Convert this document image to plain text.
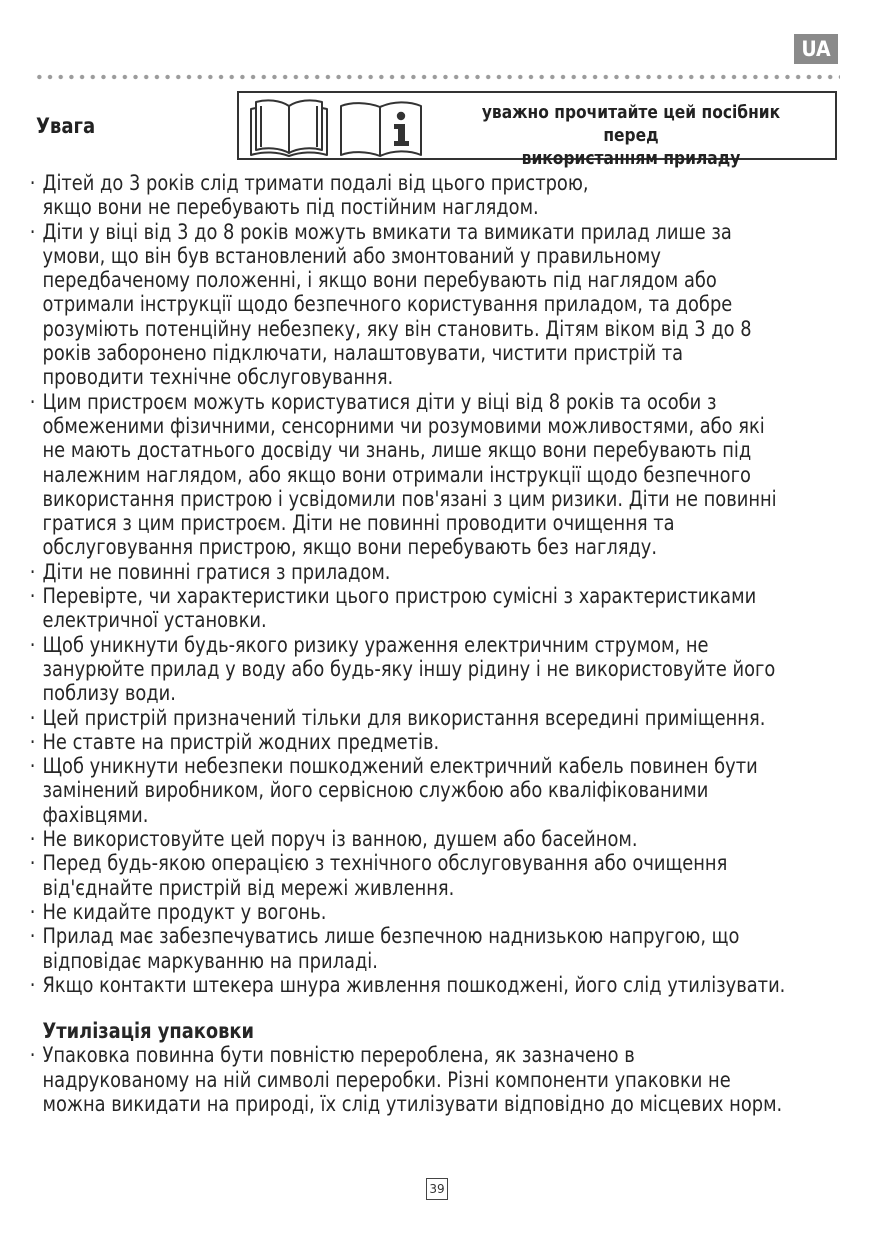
UA
Увага
уважно прочитайте цей посібник перед
використанням приладу
· Дітей до 3 років слід тримати подалі від цього пристрою,
якщо вони не перебувають під постійним наглядом.
· Діти у віці від 3 до 8 років можуть вмикати та вимикати прилад лише за
умови, що він був встановлений або змонтований у правильному
передбаченому положенні, і якщо вони перебувають під наглядом або
отримали інструкції щодо безпечного користування приладом, та добре
розуміють потенційну небезпеку, яку він становить. Дітям віком від 3 до 8
років заборонено підключати, налаштовувати, чистити пристрій та
проводити технічне обслуговування.
· Цим пристроєм можуть користуватися діти у віці від 8 років та особи з
обмеженими фізичними, сенсорними чи розумовими можливостями, або які
не мають достатнього досвіду чи знань, лише якщо вони перебувають під
належним наглядом, або якщо вони отримали інструкції щодо безпечного
використання пристрою і усвідомили пов'язані з цим ризики. Діти не повинні
гратися з цим пристроєм. Діти не повинні проводити очищення та
обслуговування пристрою, якщо вони перебувають без нагляду.
· Діти не повинні гратися з приладом.
· Перевірте, чи характеристики цього пристрою сумісні з характеристиками
електричної установки.
· Щоб уникнути будь-якого ризику ураження електричним струмом, не
занурюйте прилад у воду або будь-яку іншу рідину і не використовуйте його
поблизу води.
· Цей пристрій призначений тільки для використання всередині приміщення.
· Не ставте на пристрій жодних предметів.
· Щоб уникнути небезпеки пошкоджений електричний кабель повинен бути
замінений виробником, його сервісною службою або кваліфікованими
фахівцями.
· Не використовуйте цей поруч із ванною, душем або басейном.
· Перед будь-якою операцією з технічного обслуговування або очищення
від'єднайте пристрій від мережі живлення.
· Не кидайте продукт у вогонь.
· Прилад має забезпечуватись лише безпечною наднизькою напругою, що
відповідає маркуванню на приладі.
· Якщо контакти штекера шнура живлення пошкоджені, його слід утилізувати.
Утилізація упаковки
· Упаковка повинна бути повністю перероблена, як зазначено в
надрукованому на ній символі переробки. Різні компоненти упаковки не
можна викидати на природі, їх слід утилізувати відповідно до місцевих норм.
39
